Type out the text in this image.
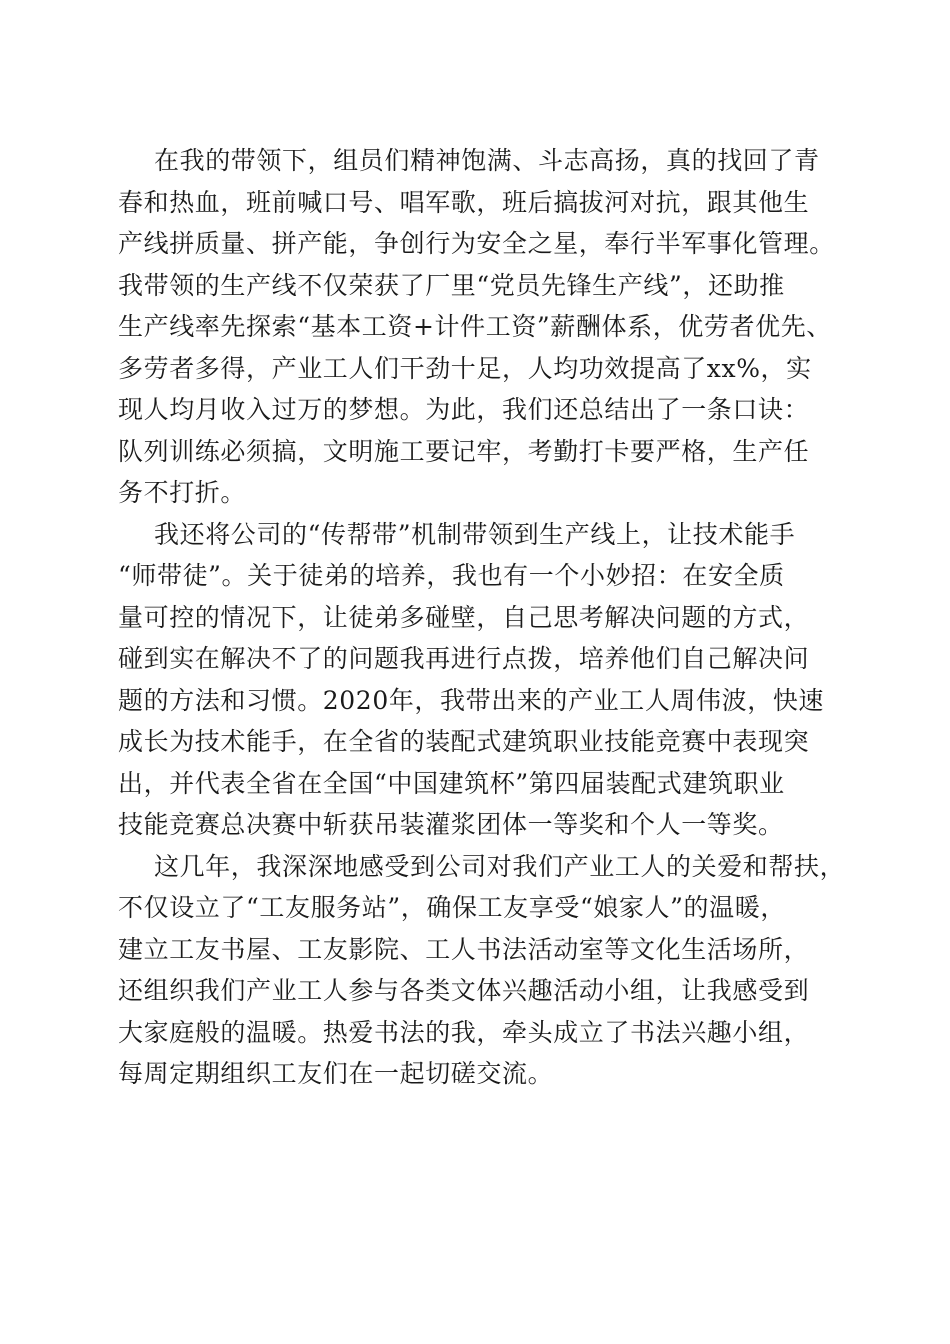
在我的带领下，组员们精神饱满、斗志高扬，真的找回了青
春和热血，班前喊口号、唱军歌，班后搞拔河对抗，跟其他生
产线拼质量、拼产能，争创行为安全之星，奉行半军事化管理。
我带领的生产线不仅荣获了厂里“党员先锋生产线”，还助推
生产线率先探索“基本工资+计件工资”薪酬体系，优劳者优先、
多劳者多得，产业工人们干劲十足，人均功效提高了xx%，实
现人均月收入过万的梦想。为此，我们还总结出了一条口诀：
队列训练必须搞，文明施工要记牢，考勤打卡要严格，生产任
务不打折。
我还将公司的“传帮带”机制带领到生产线上，让技术能手
“师带徒”。关于徒弟的培养，我也有一个小妙招：在安全质
量可控的情况下，让徒弟多碰壁，自己思考解决问题的方式，
碰到实在解决不了的问题我再进行点拨，培养他们自己解决问
题的方法和习惯。2020年，我带出来的产业工人周伟波，快速
成长为技术能手，在全省的装配式建筑职业技能竞赛中表现突
出，并代表全省在全国“中国建筑杯”第四届装配式建筑职业
技能竞赛总决赛中斩获吊装灌浆团体一等奖和个人一等奖。
这几年，我深深地感受到公司对我们产业工人的关爱和帮扶，
不仅设立了“工友服务站”，确保工友享受“娘家人”的温暖，
建立工友书屋、工友影院、工人书法活动室等文化生活场所，
还组织我们产业工人参与各类文体兴趣活动小组，让我感受到
大家庭般的温暖。热爱书法的我，牵头成立了书法兴趣小组，
每周定期组织工友们在一起切磋交流。
